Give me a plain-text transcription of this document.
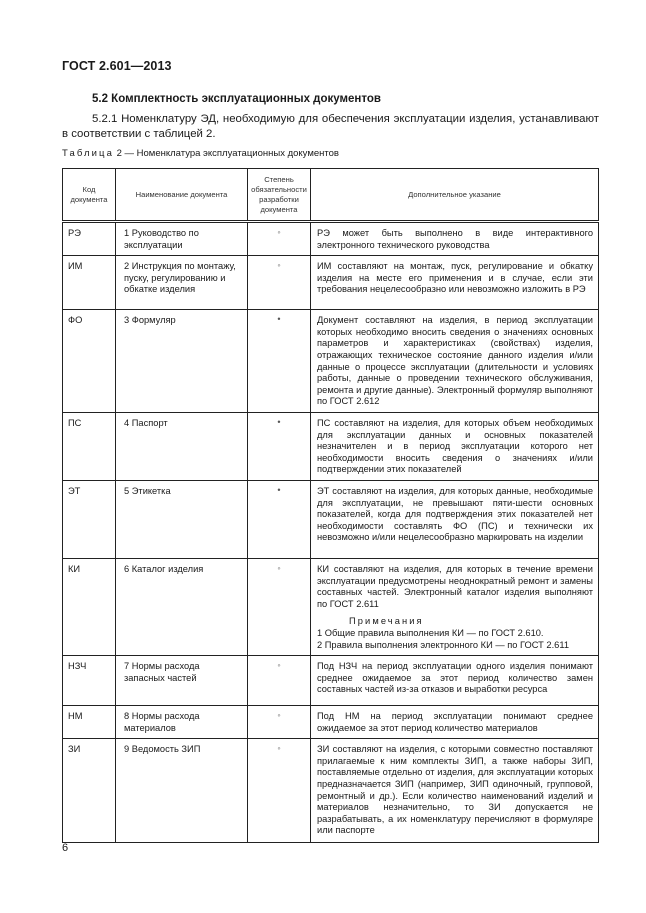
ГОСТ 2.601—2013
5.2 Комплектность эксплуатационных документов
5.2.1 Номенклатуру ЭД, необходимую для обеспечения эксплуатации изделия, устанавливают в соответствии с таблицей 2.
Таблица 2 — Номенклатура эксплуатационных документов
Код документа	Наименование документа	Степень обязательности разработки документа	Дополнительное указание
РЭ	1 Руководство по эксплуатации	◦	РЭ может быть выполнено в виде интерактивного электронного технического руководства
ИМ	2 Инструкция по монтажу, пуску, регулированию и обкатке изделия	◦	ИМ составляют на монтаж, пуск, регулирование и обкатку изделия на месте его применения и в случае, если эти требования нецелесообразно или невозможно изложить в РЭ
ФО	3 Формуляр	•	Документ составляют на изделия, в период эксплуатации которых необходимо вносить сведения о значениях основных параметров и характеристиках (свойствах) изделия, отражающих техническое состояние данного изделия и/или данные о процессе эксплуатации (длительности и условиях работы, данные о проведении технического обслуживания, ремонта и другие данные). Электронный формуляр выполняют по ГОСТ 2.612
ПС	4 Паспорт	•	ПС составляют на изделия, для которых объем необходимых для эксплуатации данных и основных показателей незначителен и в период эксплуатации которого нет необходимости вносить сведения о значениях и/или подтверждении этих показателей
ЭТ	5 Этикетка	•	ЭТ составляют на изделия, для которых данные, необходимые для эксплуатации, не превышают пяти-шести основных показателей, когда для подтверждения этих показателей нет необходимости составлять ФО (ПС) и технически их невозможно и/или нецелесообразно маркировать на изделии
КИ	6 Каталог изделия	◦	КИ составляют на изделия, для которых в течение времени эксплуатации предусмотрены неоднократный ремонт и замены составных частей. Электронный каталог изделия выполняют по ГОСТ 2.611
Примечания
1 Общие правила выполнения КИ — по ГОСТ 2.610.
2 Правила выполнения электронного КИ — по ГОСТ 2.611

НЗЧ	7 Нормы расхода запасных частей	◦	Под НЗЧ на период эксплуатации одного изделия понимают среднее ожидаемое за этот период количество замен составных частей из-за отказов и выработки ресурса
НМ	8 Нормы расхода материалов	◦	Под НМ на период эксплуатации понимают среднее ожидаемое за этот период количество материалов
ЗИ	9 Ведомость ЗИП	◦	ЗИ составляют на изделия, с которыми совместно поставляют прилагаемые к ним комплекты ЗИП, а также наборы ЗИП, поставляемые отдельно от изделия, для эксплуатации которых предназначается ЗИП (например, ЗИП одиночный, групповой, ремонтный и др.). Если количество наименований изделий и материалов незначительно, то ЗИ допускается не разрабатывать, а их номенклатуру перечисляют в формуляре или паспорте
6
